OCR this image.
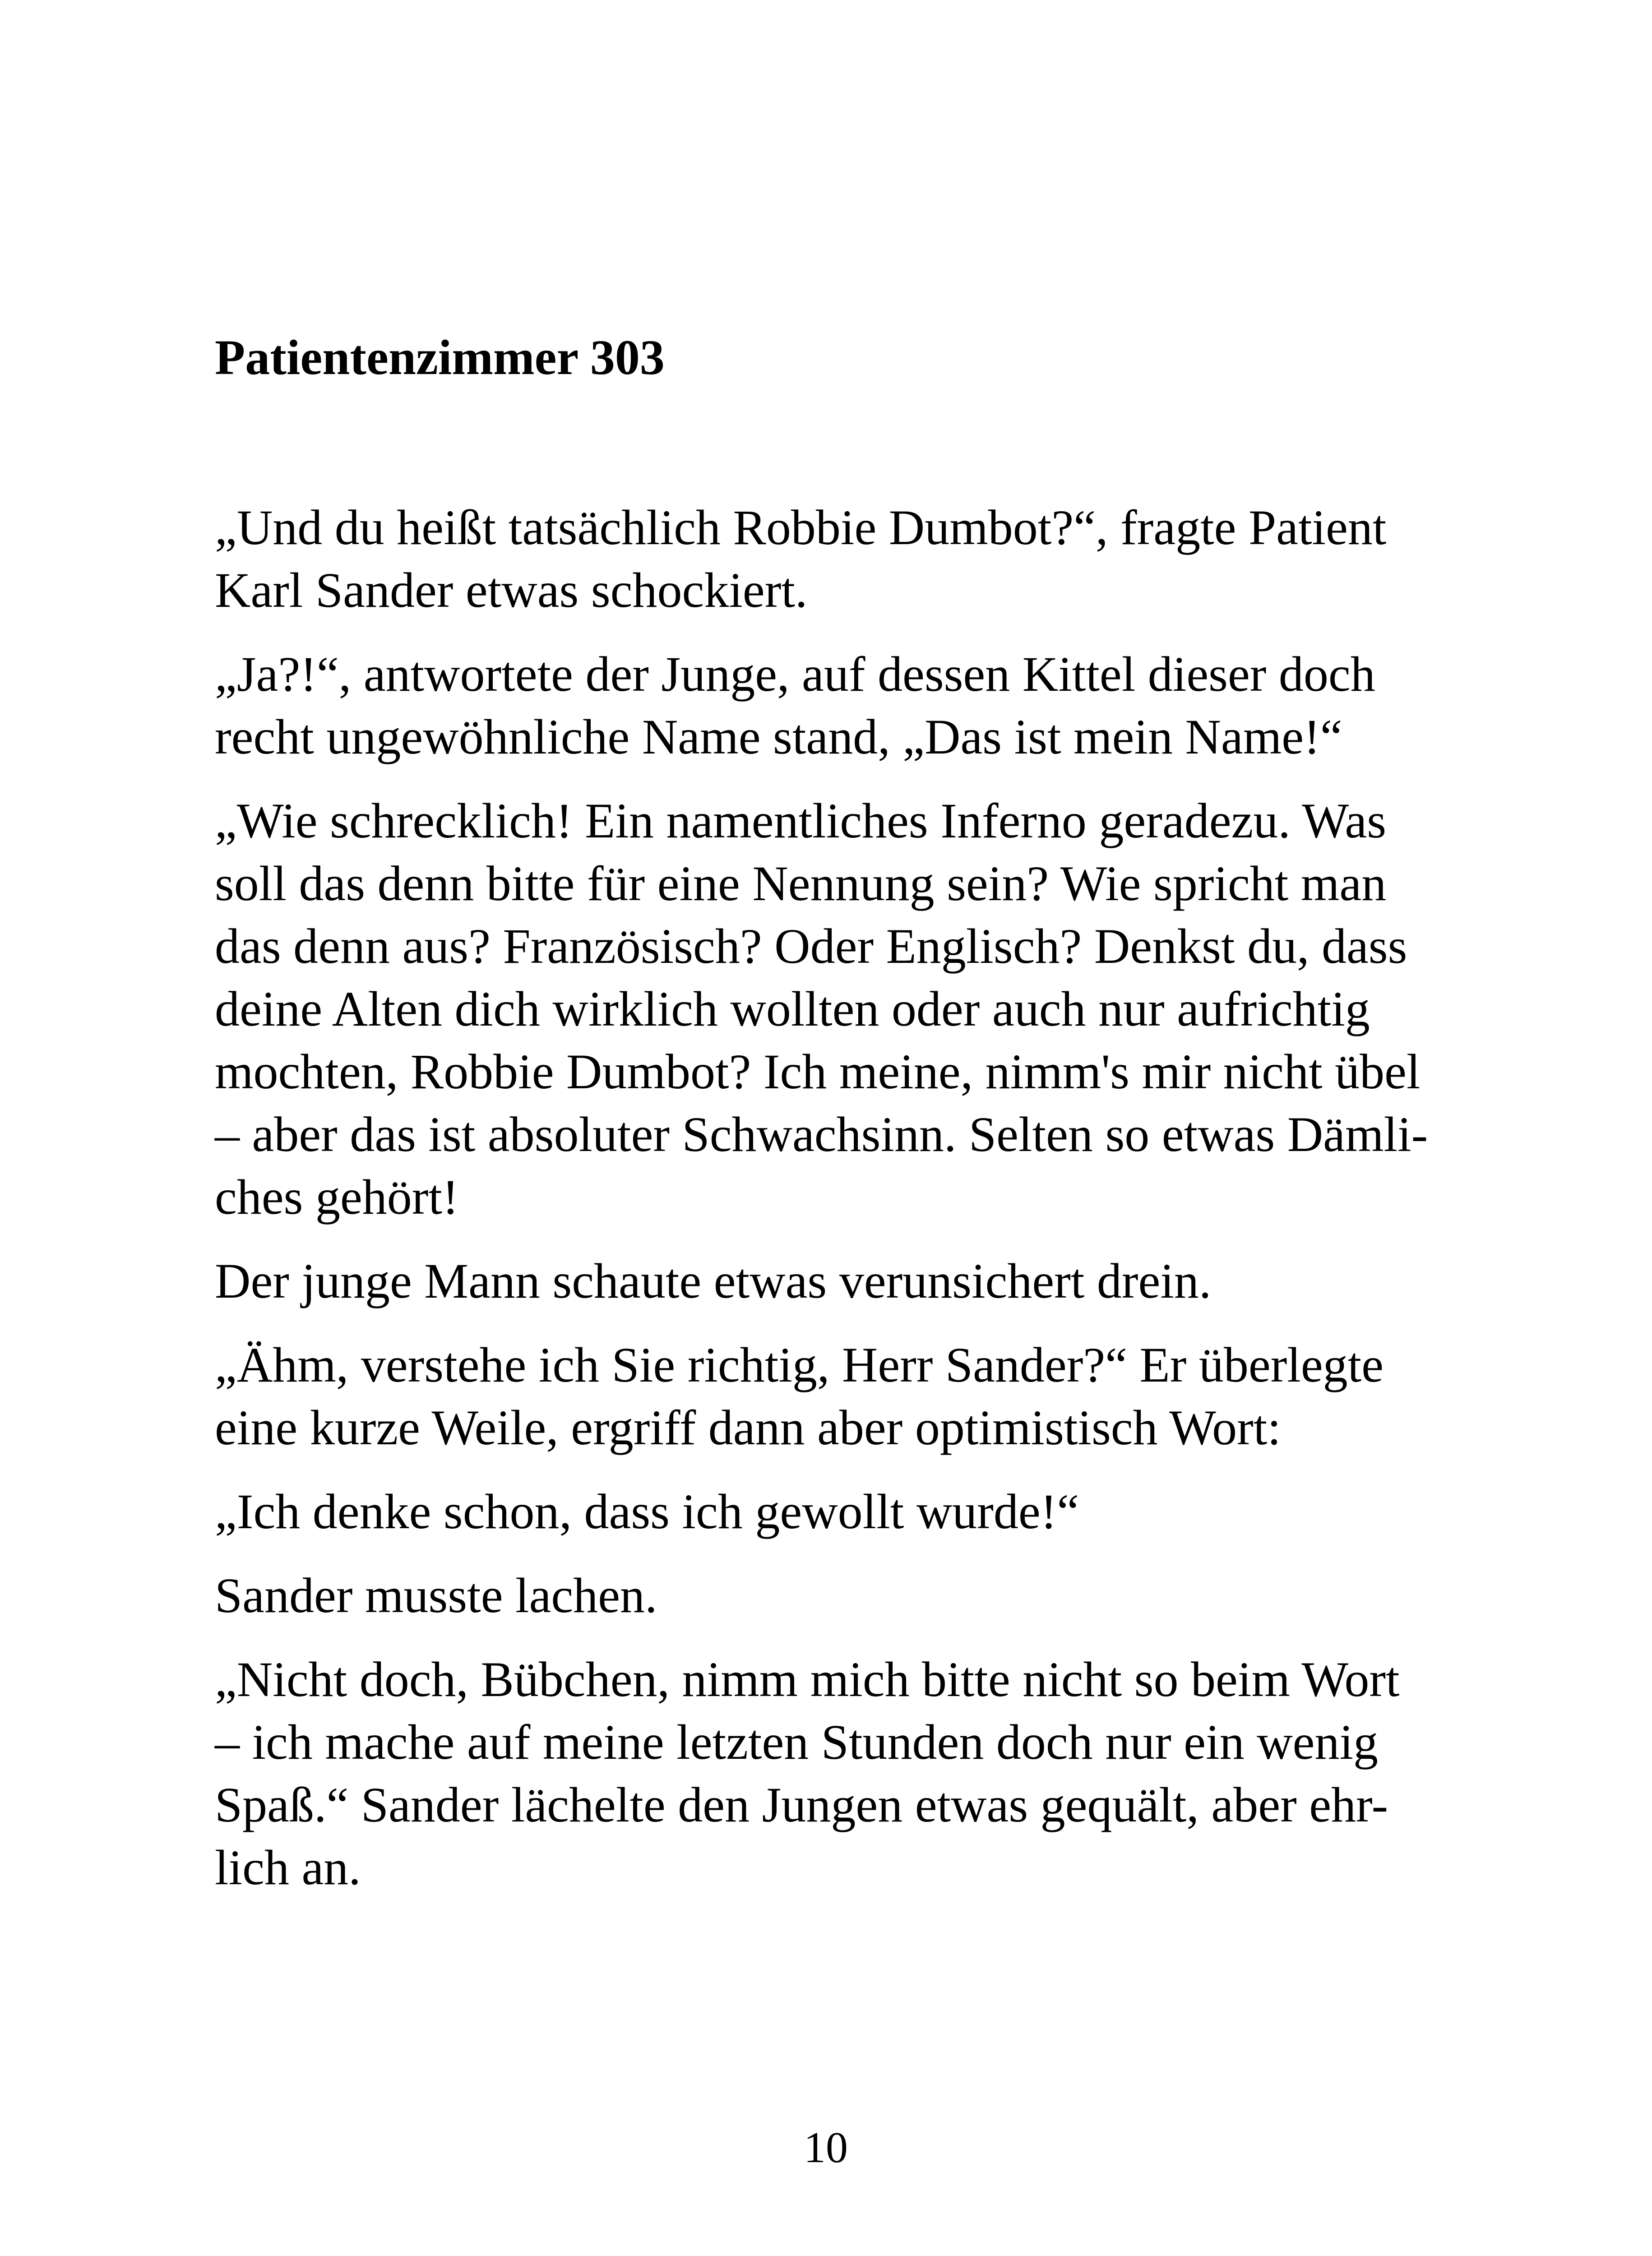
Patientenzimmer 303

„Und du heißt tatsächlich Robbie Dumbot?“, fragte Patient
Karl Sander etwas schockiert.

„Ja?!“, antwortete der Junge, auf dessen Kittel dieser doch
recht ungewöhnliche Name stand, „Das ist mein Name!“

„Wie schrecklich! Ein namentliches Inferno geradezu. Was
soll das denn bitte für eine Nennung sein? Wie spricht man
das denn aus? Französisch? Oder Englisch? Denkst du, dass
deine Alten dich wirklich wollten oder auch nur aufrichtig
mochten, Robbie Dumbot? Ich meine, nimm's mir nicht übel
– aber das ist absoluter Schwachsinn. Selten so etwas Dämli-
ches gehört!

Der junge Mann schaute etwas verunsichert drein.

„Ähm, verstehe ich Sie richtig, Herr Sander?“ Er überlegte
eine kurze Weile, ergriff dann aber optimistisch Wort:

„Ich denke schon, dass ich gewollt wurde!“

Sander musste lachen.

„Nicht doch, Bübchen, nimm mich bitte nicht so beim Wort
– ich mache auf meine letzten Stunden doch nur ein wenig
Spaß.“ Sander lächelte den Jungen etwas gequält, aber ehr-
lich an.

10
